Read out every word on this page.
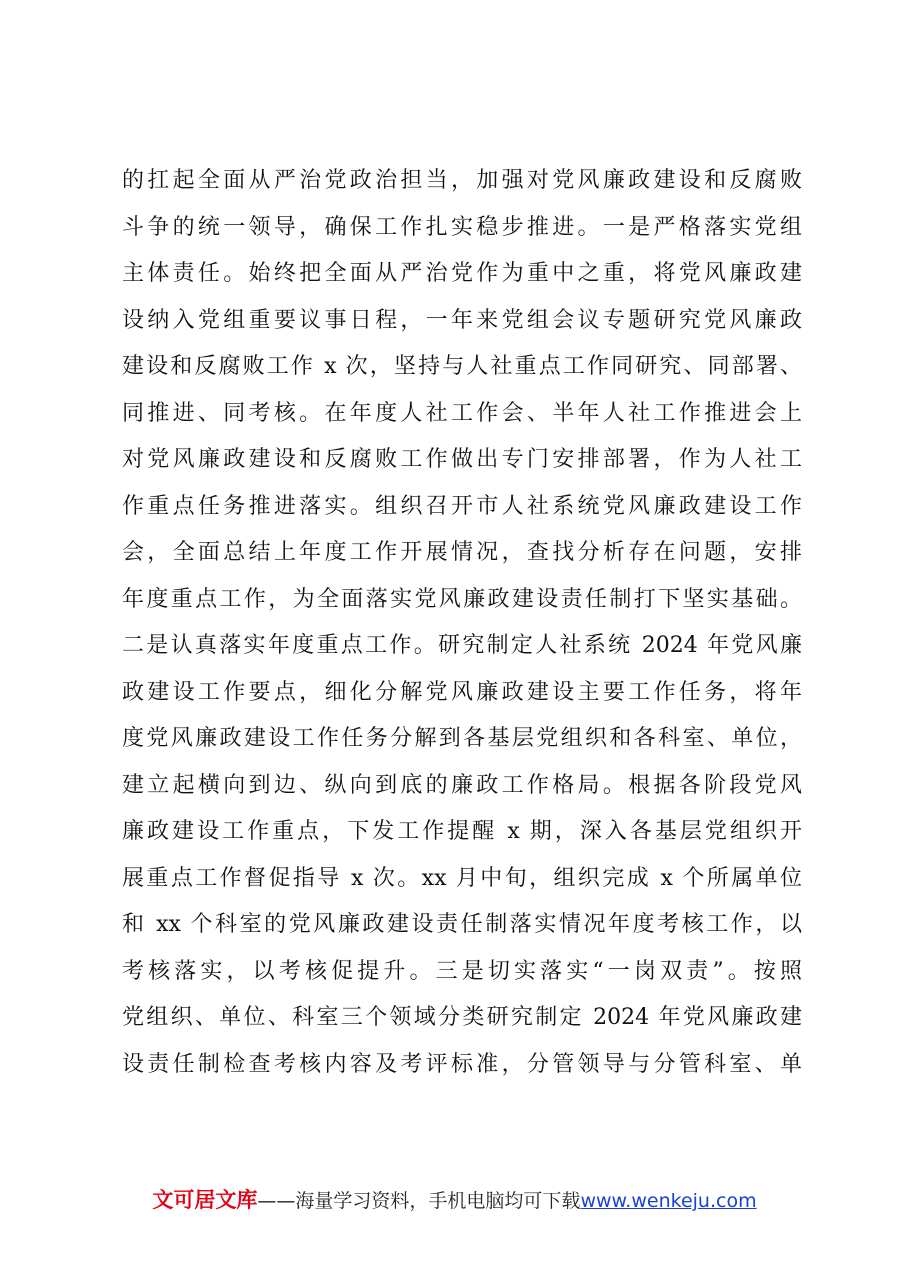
的扛起全面从严治党政治担当，加强对党风廉政建设和反腐败
斗争的统一领导，确保工作扎实稳步推进。一是严格落实党组
主体责任。始终把全面从严治党作为重中之重，将党风廉政建
设纳入党组重要议事日程，一年来党组会议专题研究党风廉政
建设和反腐败工作 x 次，坚持与人社重点工作同研究、同部署、
同推进、同考核。在年度人社工作会、半年人社工作推进会上
对党风廉政建设和反腐败工作做出专门安排部署，作为人社工
作重点任务推进落实。组织召开市人社系统党风廉政建设工作
会，全面总结上年度工作开展情况，查找分析存在问题，安排
年度重点工作，为全面落实党风廉政建设责任制打下坚实基础。
二是认真落实年度重点工作。研究制定人社系统 2024 年党风廉
政建设工作要点，细化分解党风廉政建设主要工作任务，将年
度党风廉政建设工作任务分解到各基层党组织和各科室、单位，
建立起横向到边、纵向到底的廉政工作格局。根据各阶段党风
廉政建设工作重点，下发工作提醒 x 期，深入各基层党组织开
展重点工作督促指导 x 次。xx 月中旬，组织完成 x 个所属单位
和 xx 个科室的党风廉政建设责任制落实情况年度考核工作，以
考核落实，以考核促提升。三是切实落实“一岗双责”。按照
党组织、单位、科室三个领域分类研究制定 2024 年党风廉政建
设责任制检查考核内容及考评标准，分管领导与分管科室、单
文可居文库——海量学习资料，手机电脑均可下载www.wenkeju.com
